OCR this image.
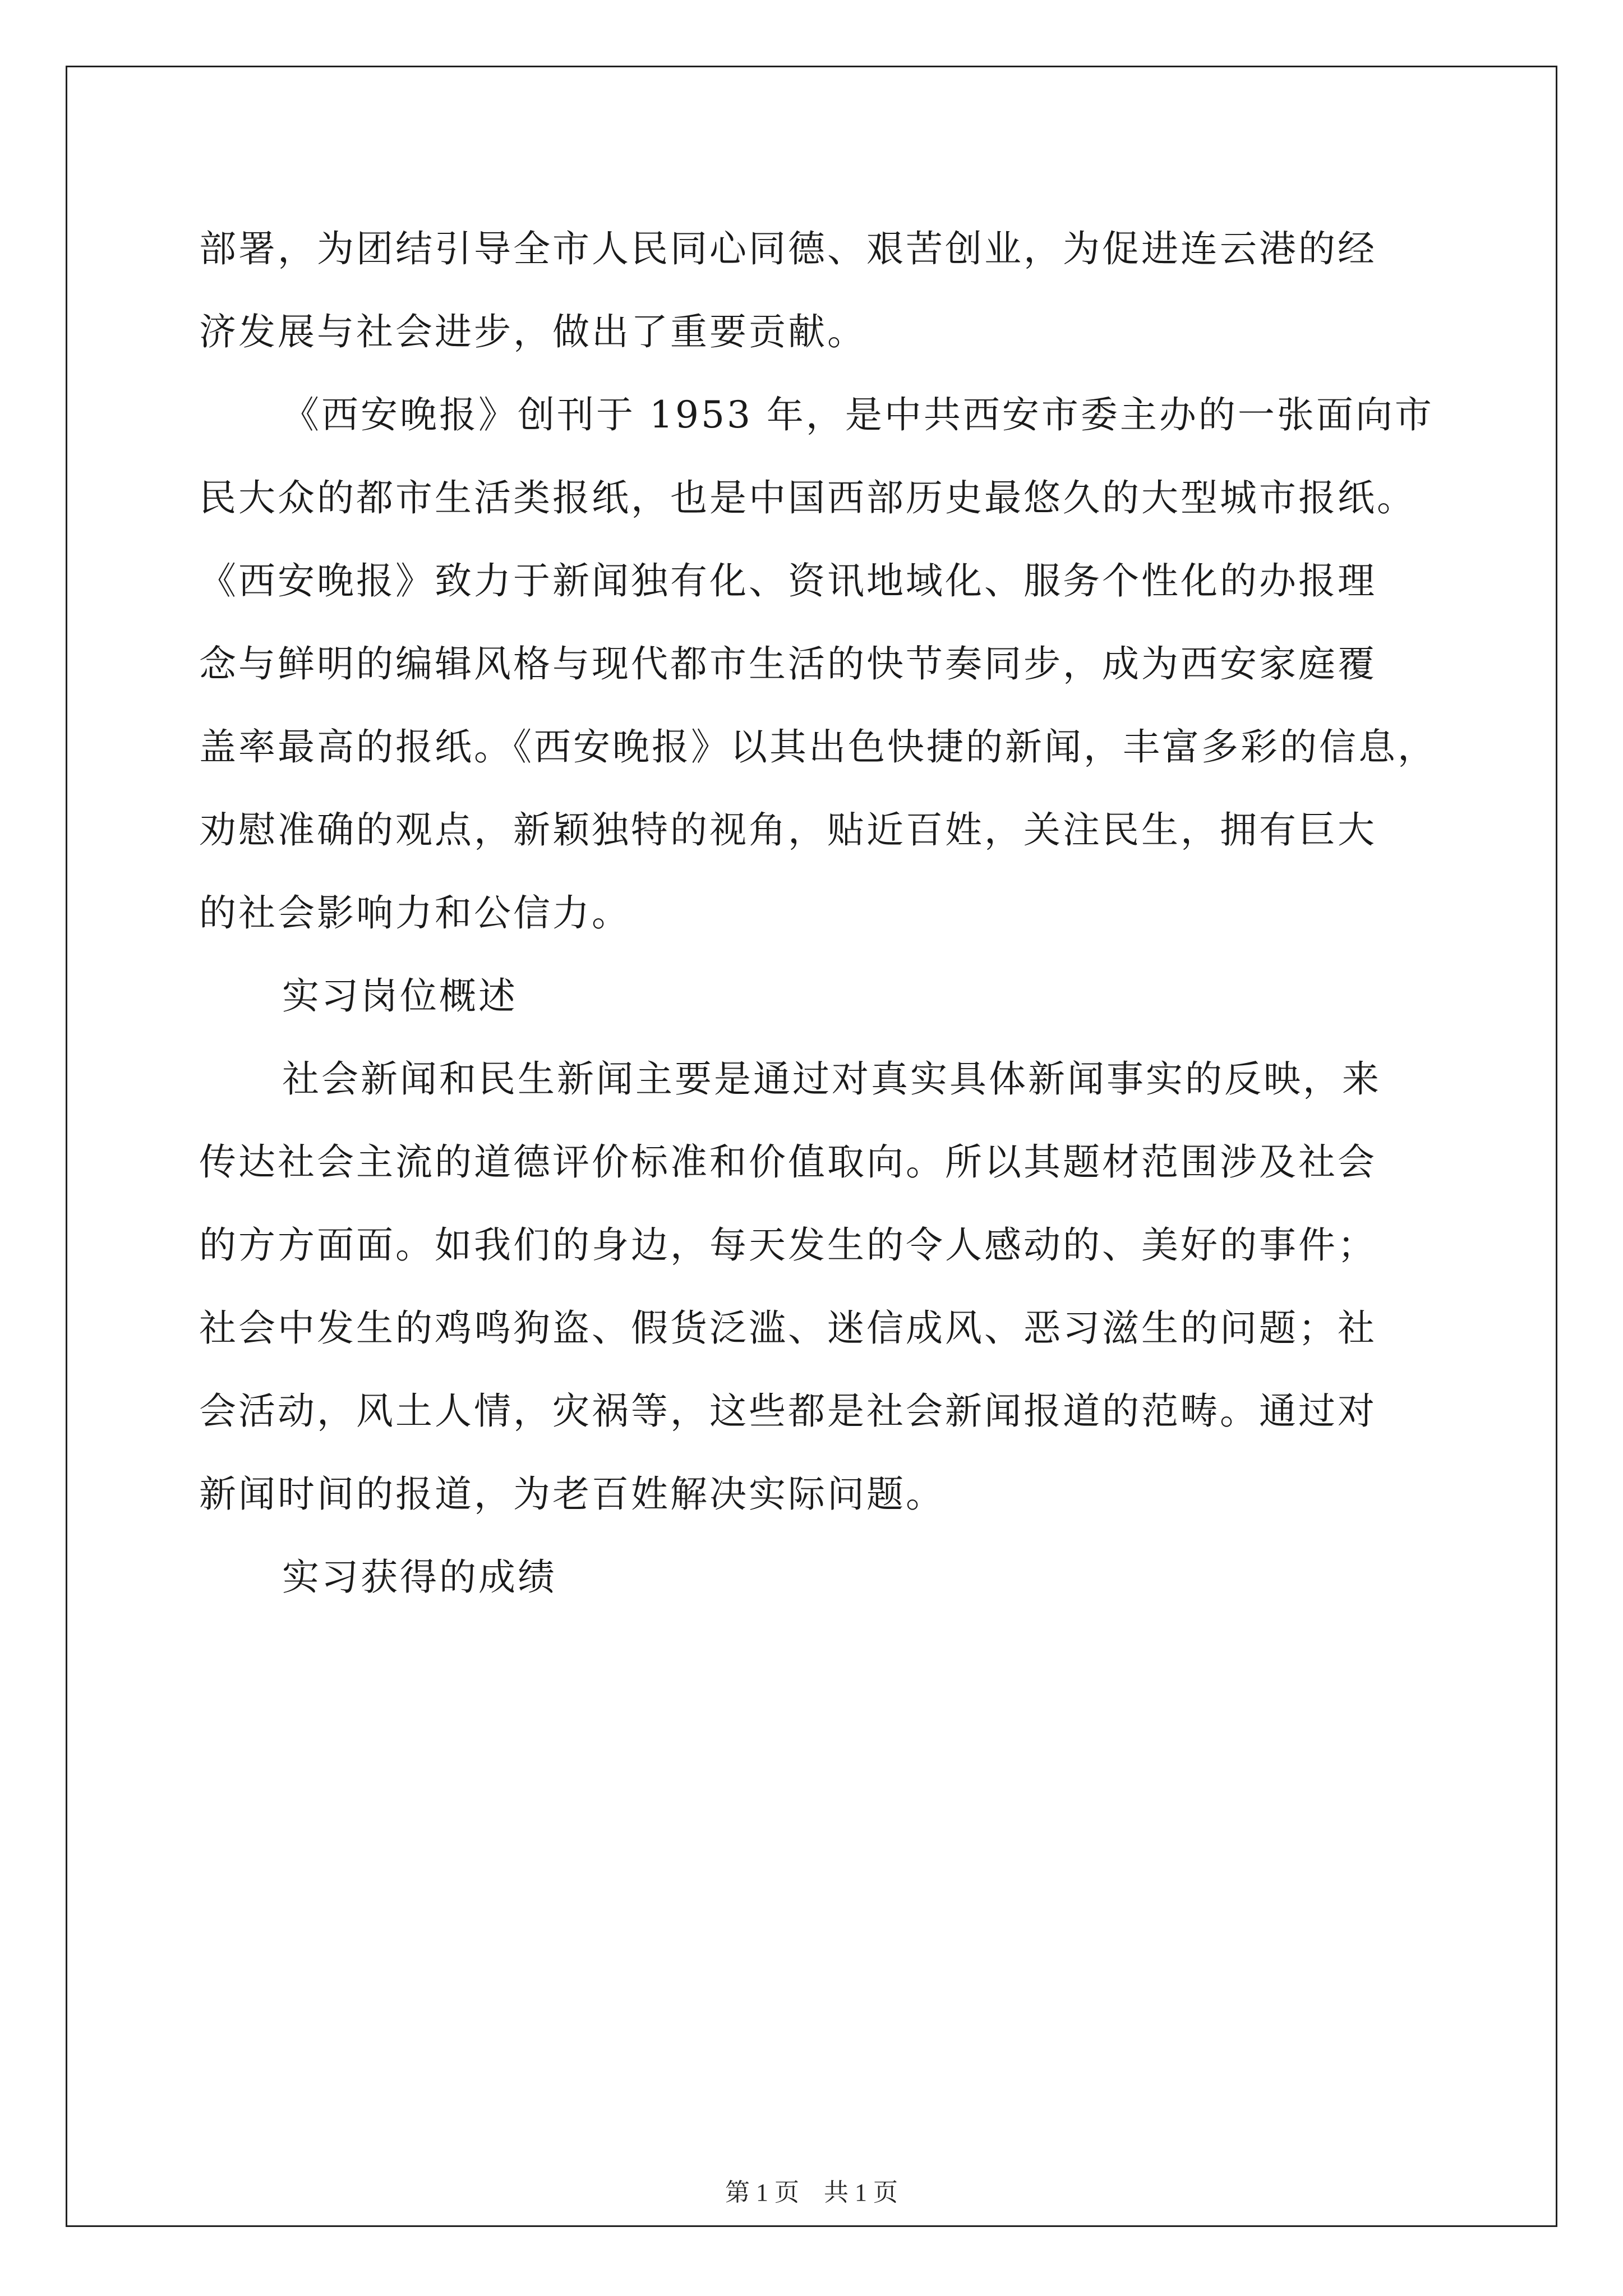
部署，为团结引导全市人民同心同德、艰苦创业，为促进连云港的经
济发展与社会进步，做出了重要贡献。
《西安晚报》创刊于 1953 年，是中共西安市委主办的一张面向市
民大众的都市生活类报纸，也是中国西部历史最悠久的大型城市报纸。
《西安晚报》致力于新闻独有化、资讯地域化、服务个性化的办报理
念与鲜明的编辑风格与现代都市生活的快节奏同步，成为西安家庭覆
盖率最高的报纸。《西安晚报》以其出色快捷的新闻，丰富多彩的信息，
劝慰准确的观点，新颖独特的视角，贴近百姓，关注民生，拥有巨大
的社会影响力和公信力。
实习岗位概述
社会新闻和民生新闻主要是通过对真实具体新闻事实的反映，来
传达社会主流的道德评价标准和价值取向。所以其题材范围涉及社会
的方方面面。如我们的身边，每天发生的令人感动的、美好的事件；
社会中发生的鸡鸣狗盗、假货泛滥、迷信成风、恶习滋生的问题；社
会活动，风土人情，灾祸等，这些都是社会新闻报道的范畴。通过对
新闻时间的报道，为老百姓解决实际问题。
实习获得的成绩
第 1 页 共 1 页
